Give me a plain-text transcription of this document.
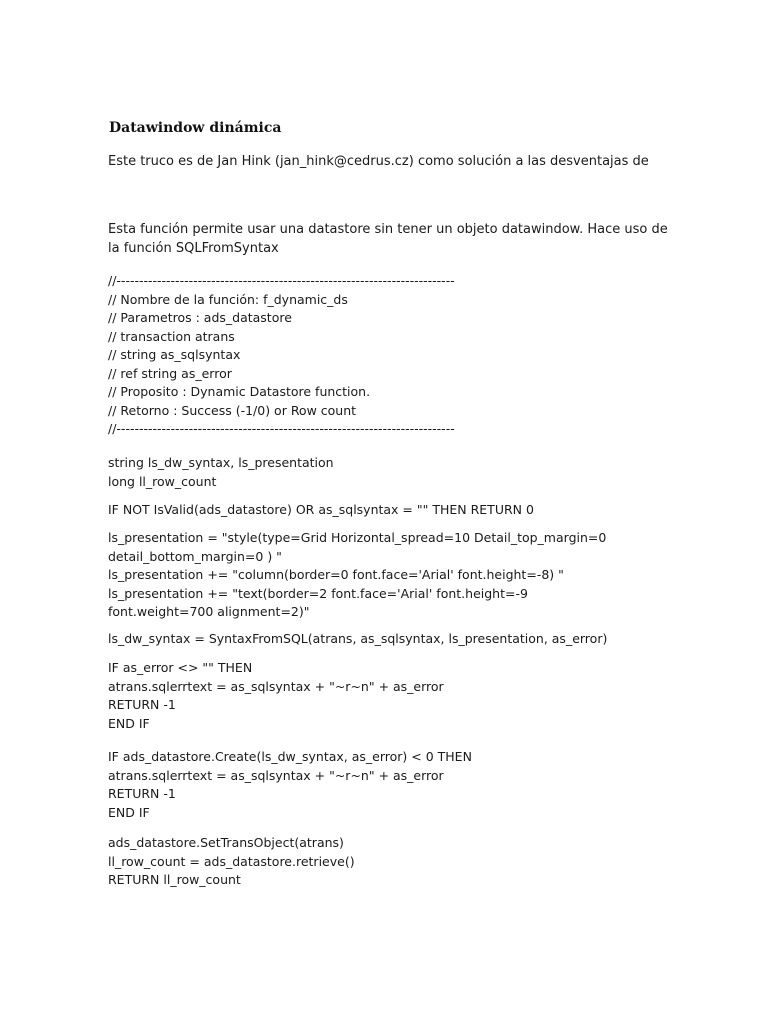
Datawindow dinámica
Este truco es de Jan Hink (jan_hink@cedrus.cz) como solución a las desventajas de
Esta función permite usar una datastore sin tener un objeto datawindow. Hace uso de la función SQLFromSyntax
//---------------------------------------------------------------------------
// Nombre de la función: f_dynamic_ds
// Parametros : ads_datastore
// transaction atrans
// string as_sqlsyntax
// ref string as_error
// Proposito : Dynamic Datastore function.
// Retorno : Success (-1/0) or Row count
//---------------------------------------------------------------------------
string ls_dw_syntax, ls_presentation
long ll_row_count
IF NOT IsValid(ads_datastore) OR as_sqlsyntax = "" THEN RETURN 0
ls_presentation = "style(type=Grid Horizontal_spread=10 Detail_top_margin=0 detail_bottom_margin=0 ) "
ls_presentation += "column(border=0 font.face='Arial' font.height=-8) "
ls_presentation += "text(border=2 font.face='Arial' font.height=-9 font.weight=700 alignment=2)"
ls_dw_syntax = SyntaxFromSQL(atrans, as_sqlsyntax, ls_presentation, as_error)
IF as_error <> "" THEN
atrans.sqlerrtext = as_sqlsyntax + "~r~n" + as_error
RETURN -1
END IF
IF ads_datastore.Create(ls_dw_syntax, as_error) < 0 THEN
atrans.sqlerrtext = as_sqlsyntax + "~r~n" + as_error
RETURN -1
END IF
ads_datastore.SetTransObject(atrans)
ll_row_count = ads_datastore.retrieve()
RETURN ll_row_count
